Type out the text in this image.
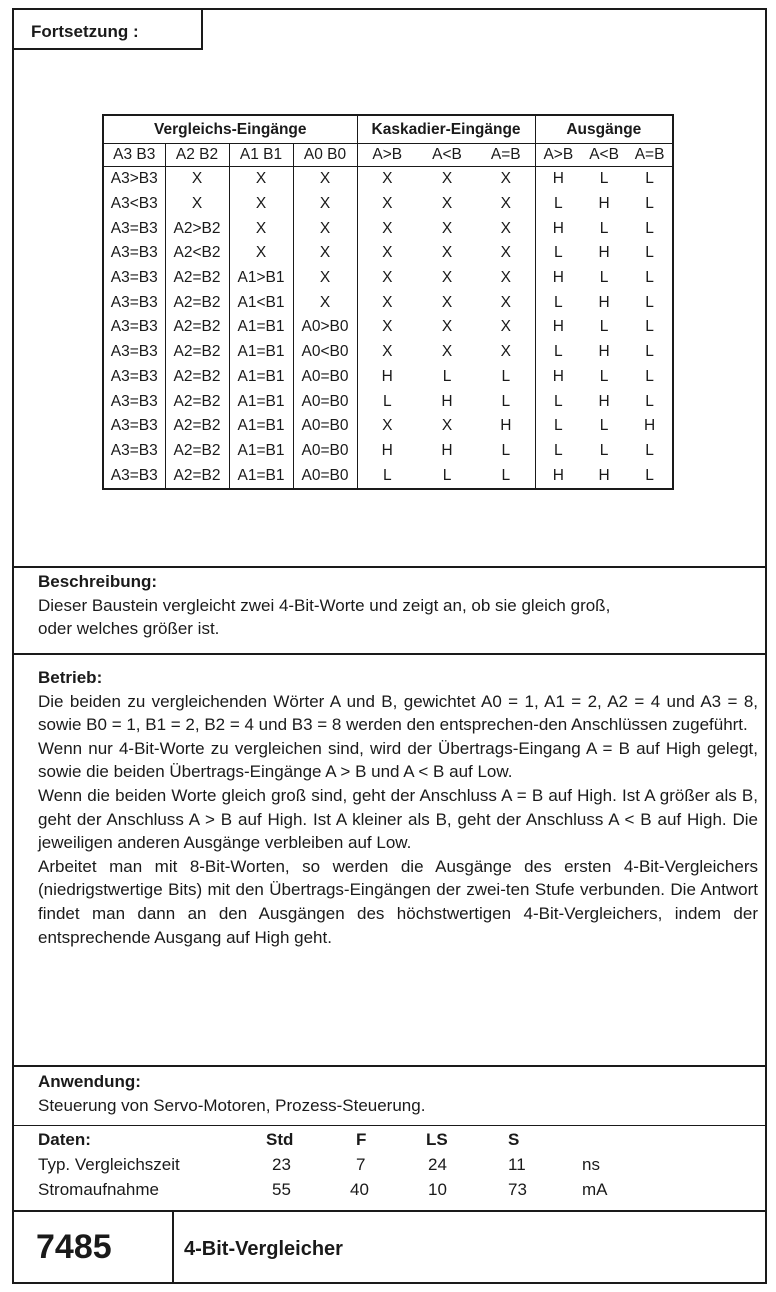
Fortsetzung :
Vergleichs-Eingänge				Kaskadier-Eingänge			Ausgänge		
A3 B3	A2 B2	A1 B1	A0 B0	A>B	A<B	A=B	A>B	A<B	A=B
A3>B3	X	X	X	X	X	X	H	L	L
A3<B3	X	X	X	X	X	X	L	H	L
A3=B3	A2>B2	X	X	X	X	X	H	L	L
A3=B3	A2<B2	X	X	X	X	X	L	H	L
A3=B3	A2=B2	A1>B1	X	X	X	X	H	L	L
A3=B3	A2=B2	A1<B1	X	X	X	X	L	H	L
A3=B3	A2=B2	A1=B1	A0>B0	X	X	X	H	L	L
A3=B3	A2=B2	A1=B1	A0<B0	X	X	X	L	H	L
A3=B3	A2=B2	A1=B1	A0=B0	H	L	L	H	L	L
A3=B3	A2=B2	A1=B1	A0=B0	L	H	L	L	H	L
A3=B3	A2=B2	A1=B1	A0=B0	X	X	H	L	L	H
A3=B3	A2=B2	A1=B1	A0=B0	H	H	L	L	L	L
A3=B3	A2=B2	A1=B1	A0=B0	L	L	L	H	H	L
Beschreibung:
Dieser Baustein vergleicht zwei 4-Bit-Worte und zeigt an, ob sie gleich groß,
oder welches größer ist.
Betrieb:

Die beiden zu vergleichenden Wörter A und B, gewichtet A0 = 1, A1 = 2, A2 = 4 und A3 = 8, sowie B0 = 1, B1 = 2, B2 = 4 und B3 = 8 werden den entsprechen-den Anschlüssen zugeführt.

Wenn nur 4-Bit-Worte zu vergleichen sind, wird der Übertrags-Eingang A = B auf High gelegt, sowie die beiden Übertrags-Eingänge A > B und A < B auf Low.

Wenn die beiden Worte gleich groß sind, geht der Anschluss A = B auf High. Ist A größer als B, geht der Anschluss A > B auf High. Ist A kleiner als B, geht der Anschluss A < B auf High. Die jeweiligen anderen Ausgänge verbleiben auf Low.

Arbeitet man mit 8-Bit-Worten, so werden die Ausgänge des ersten 4-Bit-Vergleichers (niedrigstwertige Bits) mit den Übertrags-Eingängen der zwei-ten Stufe verbunden. Die Antwort findet man dann an den Ausgängen des höchstwertigen 4-Bit-Vergleichers, indem der entsprechende Ausgang auf High geht.

Anwendung:
Steuerung von Servo-Motoren, Prozess-Steuerung.
Daten:	Std	F	LS	S
Typ. Vergleichszeit	23	7	24	11	ns
Stromaufnahme	55	40	10	73	mA
7485	4-Bit-Vergleicher
